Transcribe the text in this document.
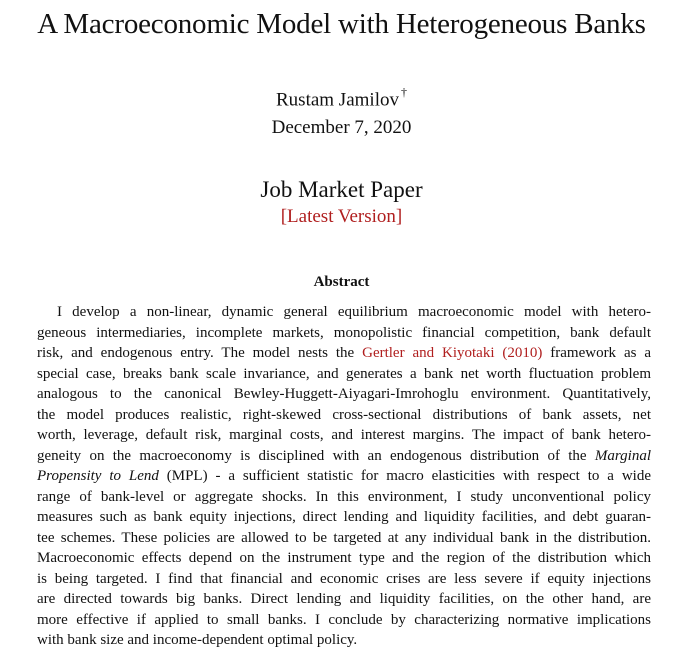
A Macroeconomic Model with Heterogeneous Banks
Rustam Jamilov †
December 7, 2020
Job Market Paper
[Latest Version]
Abstract
I develop a non-linear, dynamic general equilibrium macroeconomic model with hetero-
geneous intermediaries, incomplete markets, monopolistic financial competition, bank default
risk, and endogenous entry. The model nests the Gertler and Kiyotaki (2010) framework as a
special case, breaks bank scale invariance, and generates a bank net worth fluctuation problem
analogous to the canonical Bewley-Huggett-Aiyagari-Imrohoglu environment. Quantitatively,
the model produces realistic, right-skewed cross-sectional distributions of bank assets, net
worth, leverage, default risk, marginal costs, and interest margins. The impact of bank hetero-
geneity on the macroeconomy is disciplined with an endogenous distribution of the Marginal
Propensity to Lend (MPL) - a sufficient statistic for macro elasticities with respect to a wide
range of bank-level or aggregate shocks. In this environment, I study unconventional policy
measures such as bank equity injections, direct lending and liquidity facilities, and debt guaran-
tee schemes. These policies are allowed to be targeted at any individual bank in the distribution.
Macroeconomic effects depend on the instrument type and the region of the distribution which
is being targeted. I find that financial and economic crises are less severe if equity injections
are directed towards big banks. Direct lending and liquidity facilities, on the other hand, are
more effective if applied to small banks. I conclude by characterizing normative implications
with bank size and income-dependent optimal policy.
